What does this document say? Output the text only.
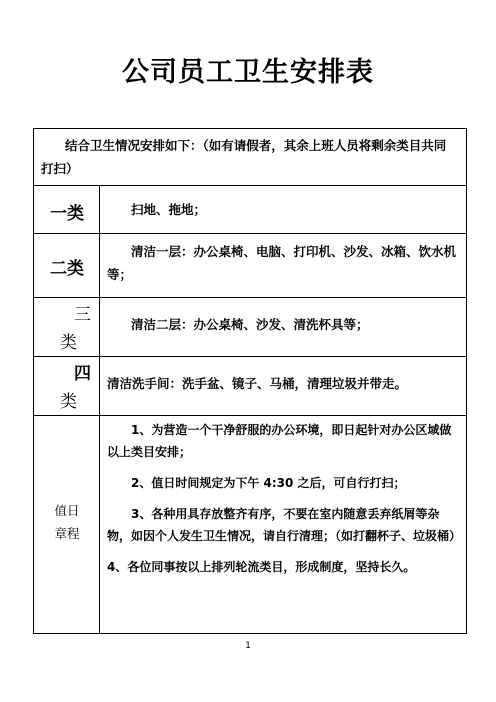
公司员工卫生安排表
结合卫生情况安排如下：（如有请假者，其余上班人员将剩余类目共同打扫）
一类	扫地、拖地；
二类
清洁一层：办公桌椅、电脑、打印机、沙发、冰箱、饮水机等；
三
类
清洁二层：办公桌椅、沙发、清洗杯具等；
四
类
清洁洗手间：洗手盆、镜子、马桶，清理垃圾并带走。
值日
章程
1、为营造一个干净舒服的办公环境，即日起针对办公区域做以上类目安排；
2、值日时间规定为下午 4:30 之后，可自行打扫；
3、各种用具存放整齐有序，不要在室内随意丢弃纸屑等杂物，如因个人发生卫生情况，请自行清理；（如打翻杯子、垃圾桶）
4、各位同事按以上排列轮流类目，形成制度，坚持长久。
1
